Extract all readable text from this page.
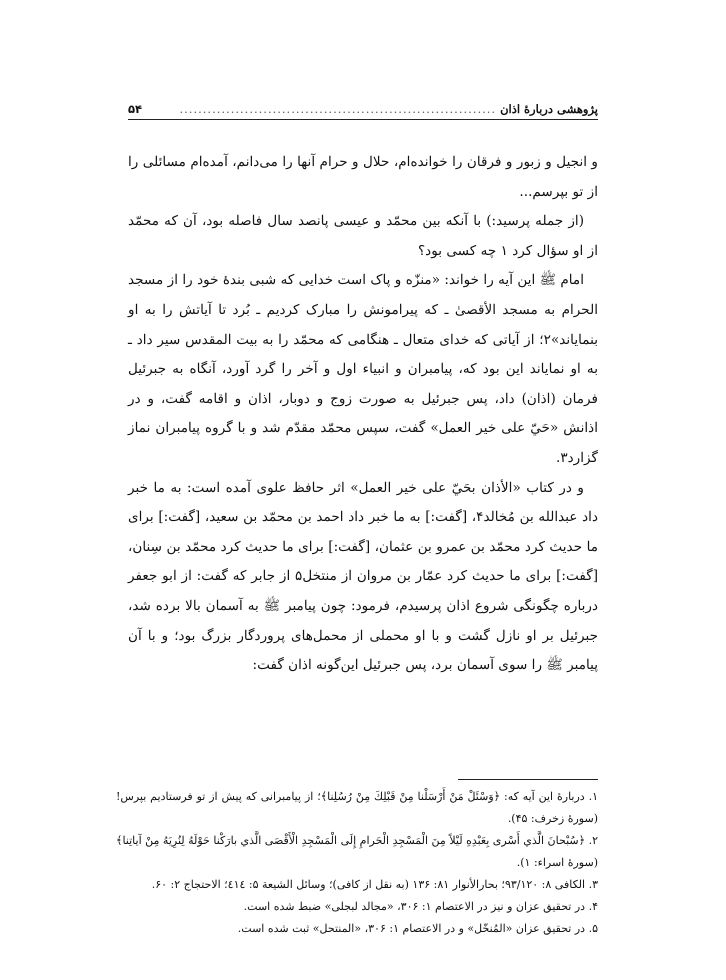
پژوهشی دربارهٔ اذان
....................................................................
۵۴

و انجیل و زبور و فرقان را خوانده‌ام، حلال و حرام آنها را می‌دانم، آمده‌ام مسائلی را از تو بپرسم...

(از جمله پرسید:) با آنکه بین محمّد و عیسی پانصد سال فاصله بود، آن که محمّد از او سؤال کرد ۱ چه کسی بود؟

امام ﷺ این آیه را خواند: «منزّه و پاک است خدایی که شبی بندهٔ خود را از مسجد الحرام به مسجد الأقصیٰ ـ که پیرامونش را مبارک کردیم ـ بُرد تا آیاتش را به او بنمایاند»۲؛ از آیاتی که خدای متعال ـ هنگامی که محمّد را به بیت المقدس سیر داد ـ به او نمایاند این بود که، پیامبران و انبیاء اول و آخر را گرد آورد، آنگاه به جبرئیل فرمان (اذان) داد، پس جبرئیل به صورت زوج و دوبار، اذان و اقامه گفت، و در اذانش «حَيّ على خير العمل» گفت، سپس محمّد مقدّم شد و با گروه پیامبران نماز گزارد۳.

و در کتاب «الأذان بحَيّ على خير العمل» اثر حافظ علوی آمده است: به ما خبر داد عبدالله بن مُخالد۴، [گفت:] به ما خبر داد احمد بن محمّد بن سعید، [گفت:] برای ما حدیث کرد محمّد بن عمرو بن عثمان، [گفت:] برای ما حدیث کرد محمّد بن سِنان، [گفت:] برای ما حدیث کرد عمّار بن مروان از منتخل۵ از جابر که گفت: از ابو جعفر درباره چگونگی شروع اذان پرسیدم، فرمود: چون پیامبر ﷺ به آسمان بالا برده شد، جبرئیل بر او نازل گشت و با او محملی از محمل‌های پروردگار بزرگ بود؛ و با آن پیامبر ﷺ را سوی آسمان برد، پس جبرئیل این‌گونه اذان گفت:

۱. دربارهٔ این آیه که: ﴿وَسْئَلْ مَنْ أَرْسَلْنا مِنْ قَبْلِكَ مِنْ رُسُلِنا﴾؛ از پیامبرانی که پیش از تو فرستادیم بپرس! (سورهٔ زخرف: ۴۵).

۲. ﴿سُبْحانَ الَّذي أَسْرى بِعَبْدِهِ لَيْلاً مِنَ الْمَسْجِدِ الْحَرامِ إِلَى الْمَسْجِدِ الْأَقْصَى الَّذي بارَكْنا حَوْلَهُ لِنُرِيَهُ مِنْ آياتِنا﴾ (سورهٔ اسراء: ۱).

۳. الکافی ۸: ۹۳/۱۲۰؛ بحارالأنوار ۸۱: ۱۳۶ (به نقل از کافی)؛ وسائل الشیعة ۵: ٤١٤؛ الاحتجاج ۲: ۶۰.

۴. در تحقیق عزان و نیز در الاعتصام ۱: ۳۰۶، «مجالد لبجلی» ضبط شده است.

۵. در تحقیق عزان «المُنخّل» و در الاعتصام ۱: ۳۰۶، «المنتحل» ثبت شده است.
